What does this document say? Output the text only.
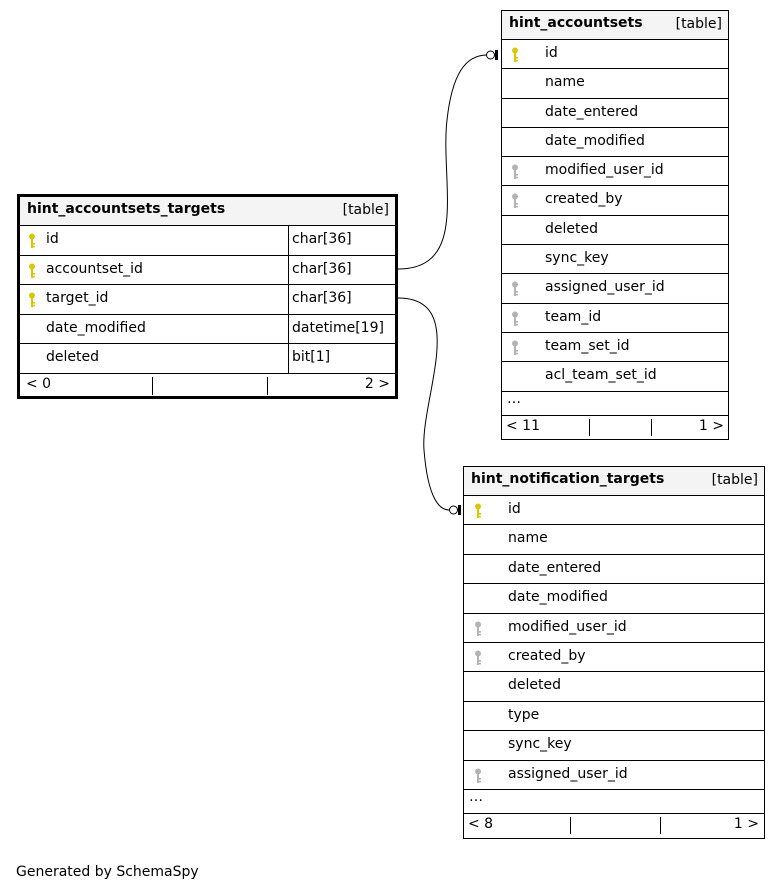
hint_accountsets_targets	[table]
id	char[36]
accountset_id	char[36]
target_id	char[36]
date_modified	datetime[19]
deleted	bit[1]
< 0	2 >
hint_accountsets [table]
id
name
date_entered
date_modified
modified_user_id
created_by
deleted
sync_key
assigned_user_id
team_id
team_set_id
acl_team_set_id
…
< 11	1 >
hint_notification_targets	[table]
id
name
date_entered
date_modified
modified_user_id
created_by
deleted
type
sync_key
assigned_user_id
…
< 8	1 >
Generated by SchemaSpy
